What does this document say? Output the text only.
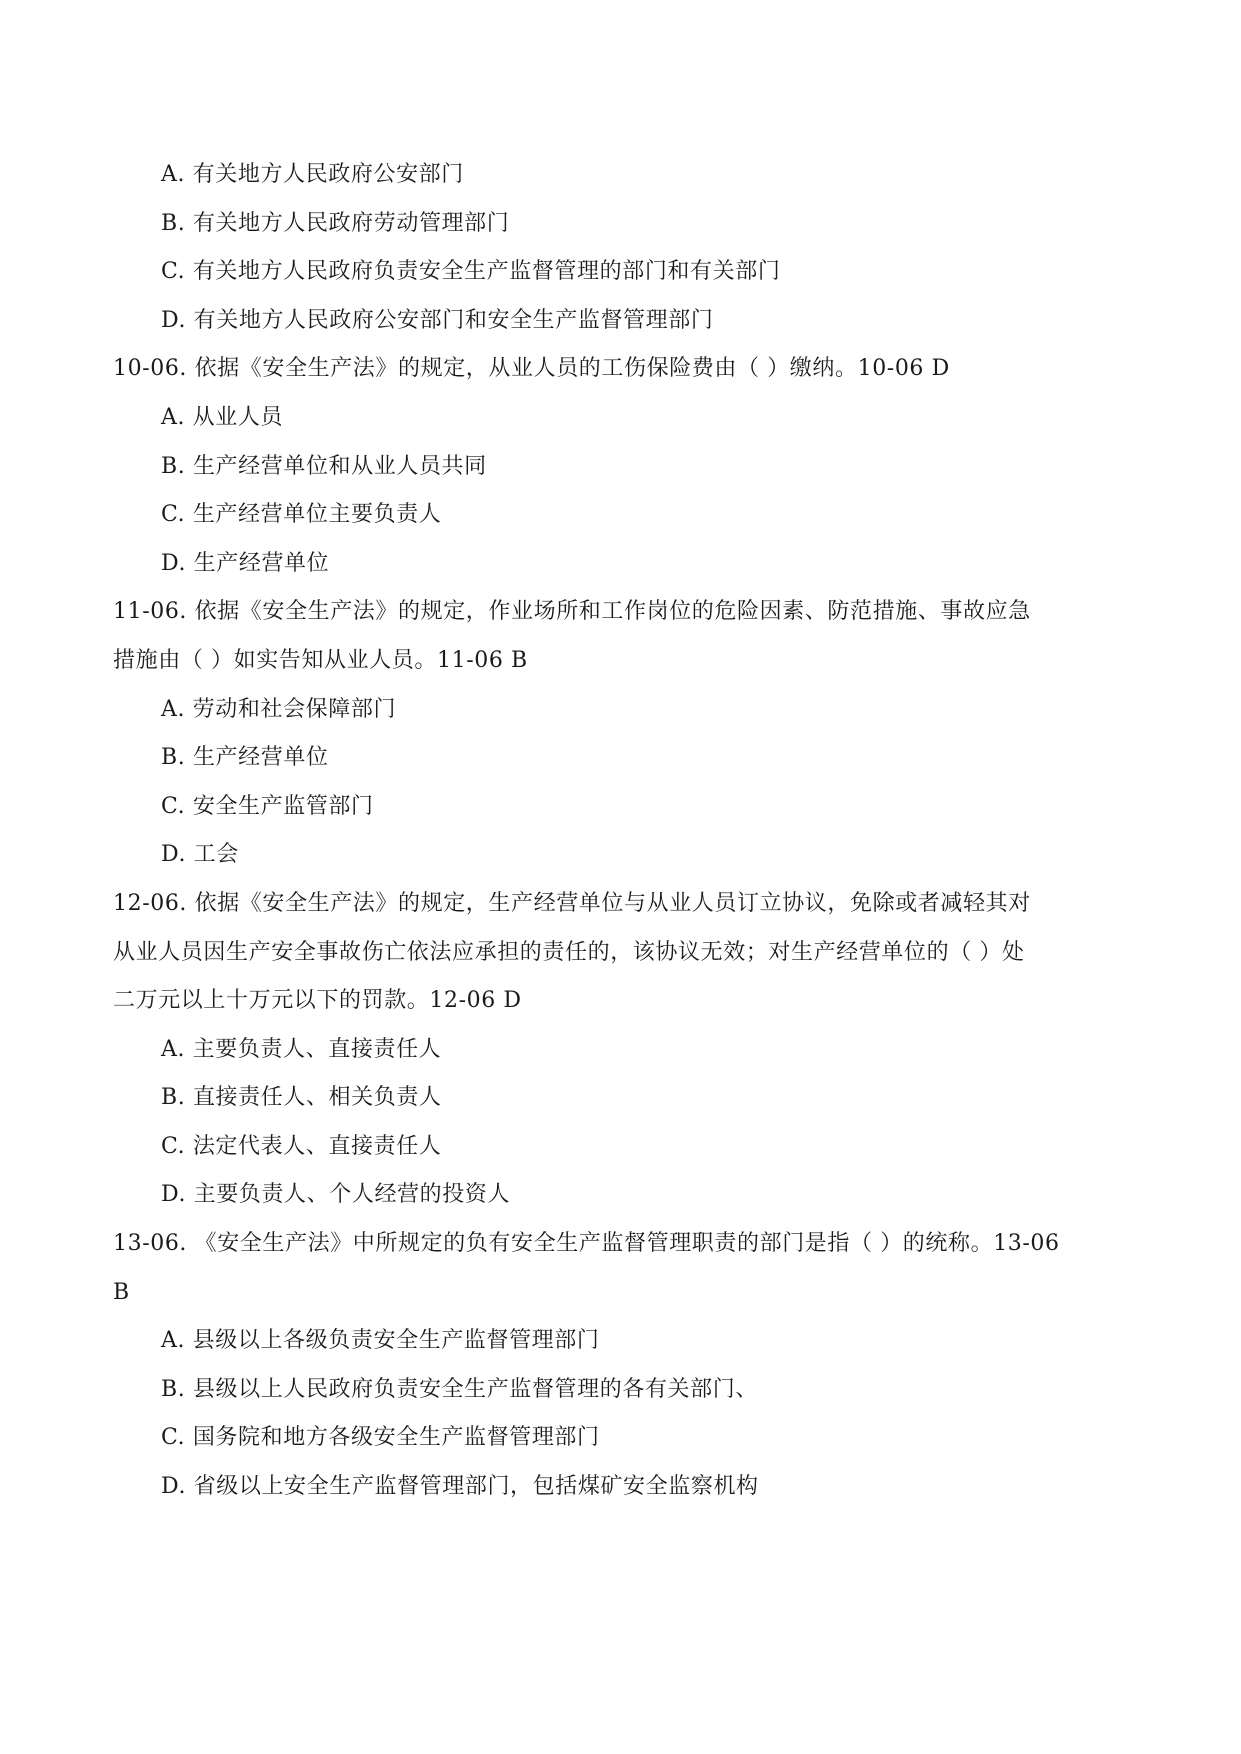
A. 有关地方人民政府公安部门
B. 有关地方人民政府劳动管理部门
C. 有关地方人民政府负责安全生产监督管理的部门和有关部门
D. 有关地方人民政府公安部门和安全生产监督管理部门
10-06. 依据《安全生产法》的规定，从业人员的工伤保险费由（ ）缴纳。10-06 D
A. 从业人员
B. 生产经营单位和从业人员共同
C. 生产经营单位主要负责人
D. 生产经营单位
11-06. 依据《安全生产法》的规定，作业场所和工作岗位的危险因素、防范措施、事故应急
措施由（ ）如实告知从业人员。11-06 B
A. 劳动和社会保障部门
B. 生产经营单位
C. 安全生产监管部门
D. 工会
12-06. 依据《安全生产法》的规定，生产经营单位与从业人员订立协议，免除或者减轻其对
从业人员因生产安全事故伤亡依法应承担的责任的，该协议无效；对生产经营单位的（ ）处
二万元以上十万元以下的罚款。12-06 D
A. 主要负责人、直接责任人
B. 直接责任人、相关负责人
C. 法定代表人、直接责任人
D. 主要负责人、个人经营的投资人
13-06. 《安全生产法》中所规定的负有安全生产监督管理职责的部门是指（ ）的统称。13-06
B
A. 县级以上各级负责安全生产监督管理部门
B. 县级以上人民政府负责安全生产监督管理的各有关部门、
C. 国务院和地方各级安全生产监督管理部门
D. 省级以上安全生产监督管理部门，包括煤矿安全监察机构
